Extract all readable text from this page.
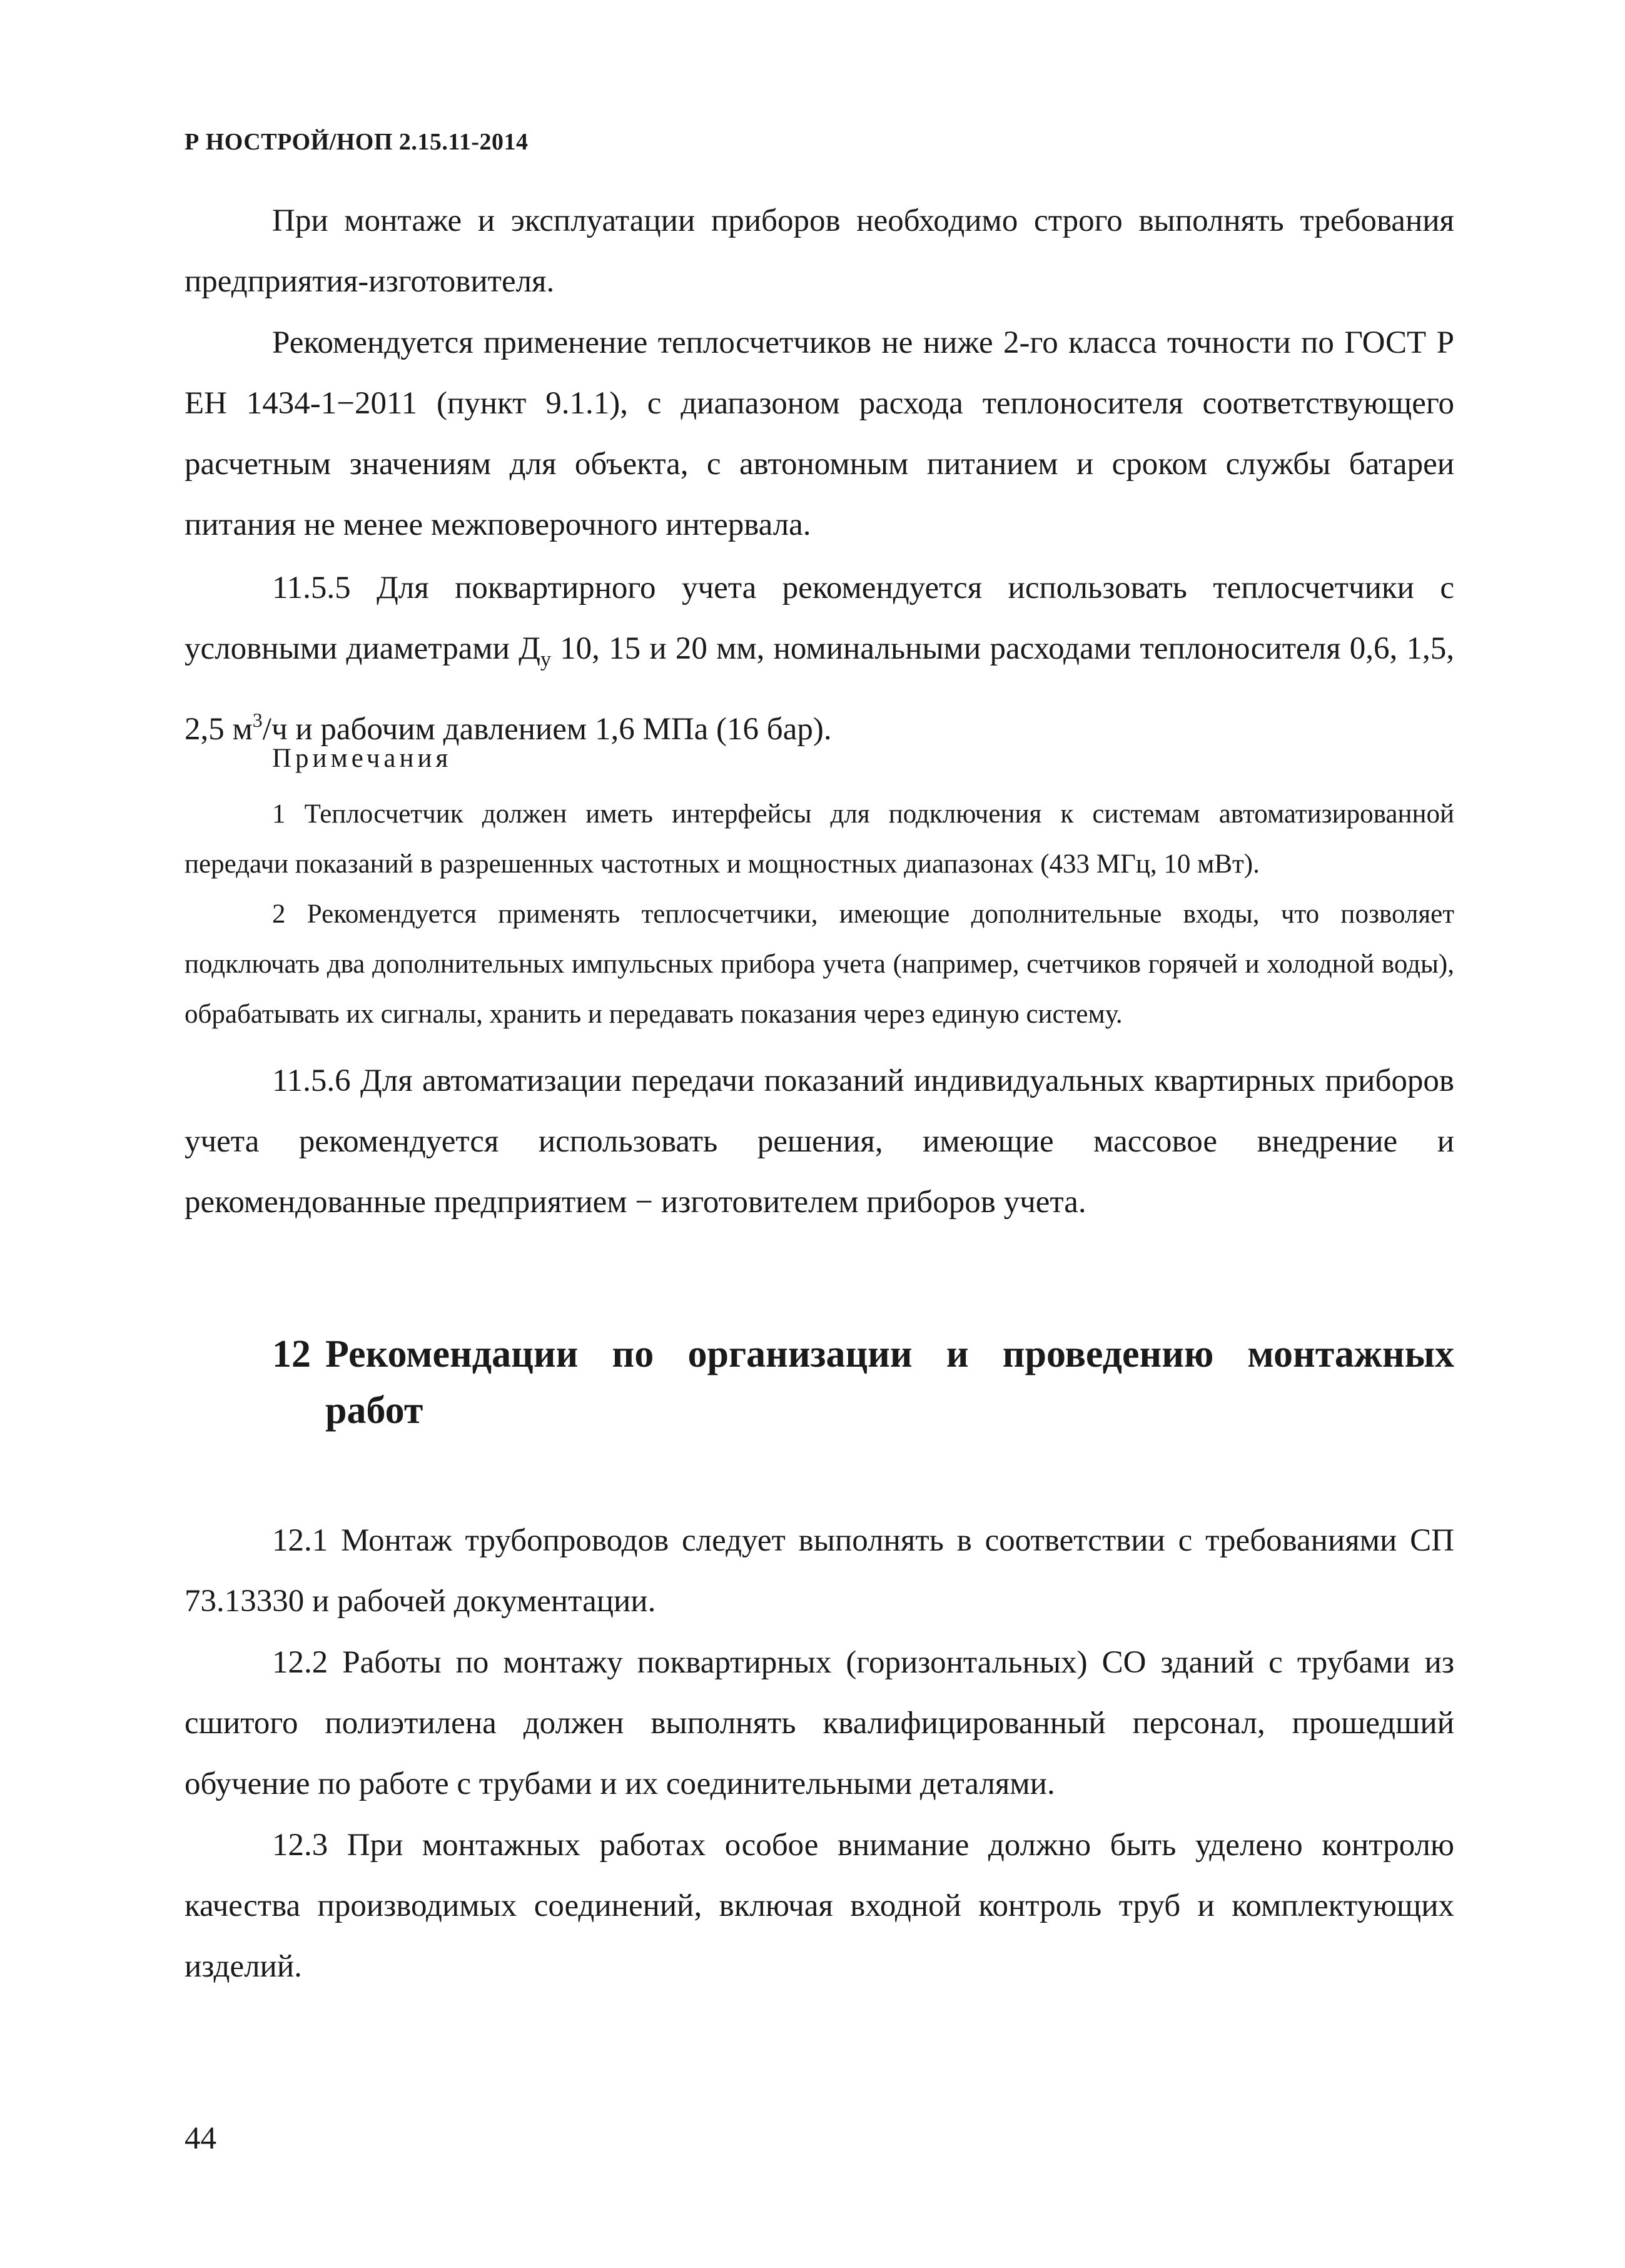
Р НОСТРОЙ/НОП 2.15.11-2014

При монтаже и эксплуатации приборов необходимо строго выполнять требования предприятия-изготовителя.

Рекомендуется применение теплосчетчиков не ниже 2-го класса точности по ГОСТ Р ЕН 1434-1−2011 (пункт 9.1.1), с диапазоном расхода теплоносителя соответствующего расчетным значениям для объекта, с автономным питанием и сроком службы батареи питания не менее межповерочного интервала.

11.5.5 Для поквартирного учета рекомендуется использовать теплосчетчики с условными диаметрами $Д_у$ 10, 15 и 20 мм, номинальными расходами теплоносителя 0,6, 1,5, 2,5 $м^3/ч$ и рабочим давлением 1,6 МПа (16 бар).

Примечания

1 Теплосчетчик должен иметь интерфейсы для подключения к системам автоматизированной передачи показаний в разрешенных частотных и мощностных диапазонах (433 МГц, 10 мВт).

2 Рекомендуется применять теплосчетчики, имеющие дополнительные входы, что позволяет подключать два дополнительных импульсных прибора учета (например, счетчиков горячей и холодной воды), обрабатывать их сигналы, хранить и передавать показания через единую систему.

11.5.6 Для автоматизации передачи показаний индивидуальных квартирных приборов учета рекомендуется использовать решения, имеющие массовое внедрение и рекомендованные предприятием − изготовителем приборов учета.

12 Рекомендации по организации и проведению монтажных работ

12.1 Монтаж трубопроводов следует выполнять в соответствии с требованиями СП 73.13330 и рабочей документации.

12.2 Работы по монтажу поквартирных (горизонтальных) СО зданий с трубами из сшитого полиэтилена должен выполнять квалифицированный персонал, прошедший обучение по работе с трубами и их соединительными деталями.

12.3 При монтажных работах особое внимание должно быть уделено контролю качества производимых соединений, включая входной контроль труб и комплектующих изделий.

44
